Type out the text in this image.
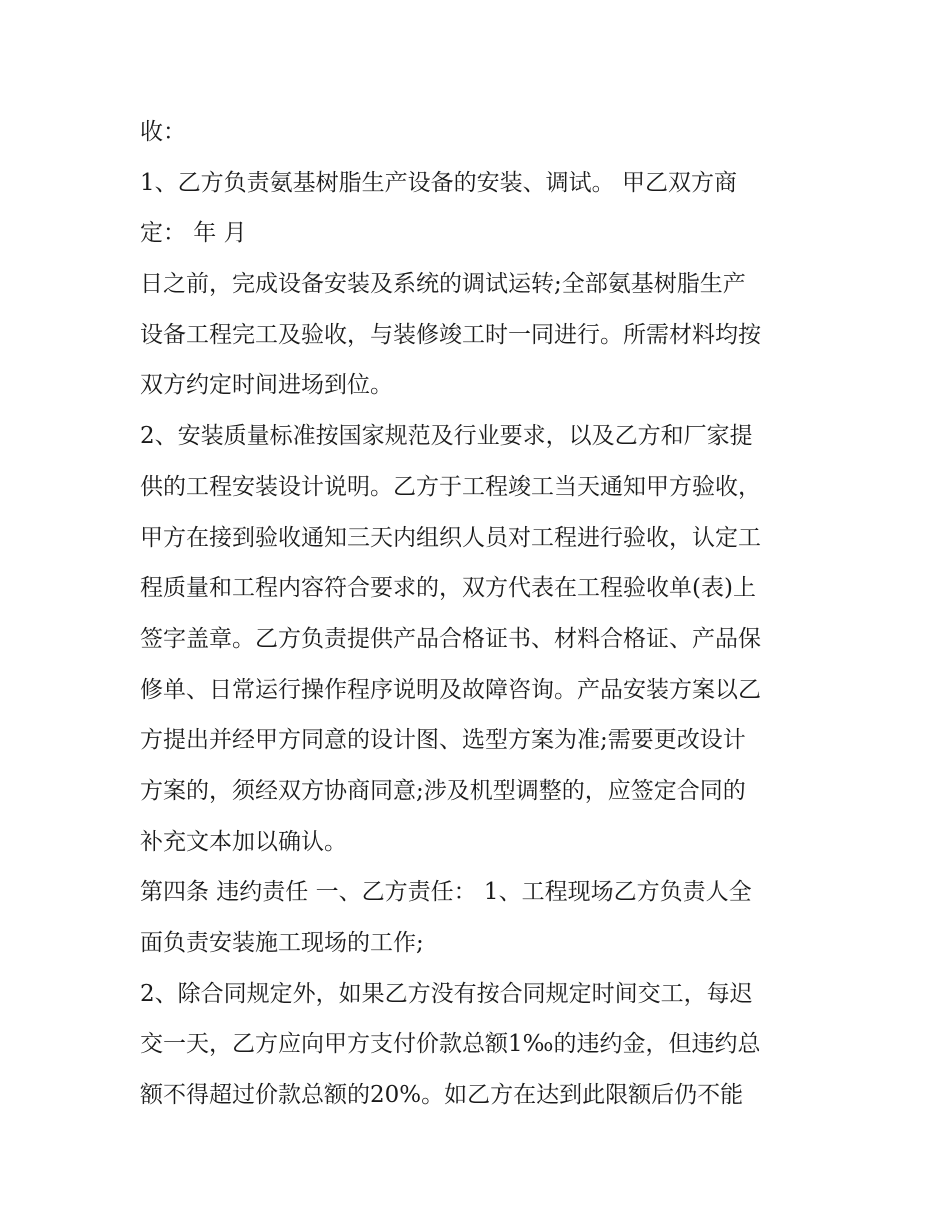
收：
1、乙方负责氨基树脂生产设备的安装、调试。 甲乙双方商
定： 年 月
日之前，完成设备安装及系统的调试运转;全部氨基树脂生产
设备工程完工及验收，与装修竣工时一同进行。所需材料均按
双方约定时间进场到位。
2、安装质量标准按国家规范及行业要求，以及乙方和厂家提
供的工程安装设计说明。乙方于工程竣工当天通知甲方验收，
甲方在接到验收通知三天内组织人员对工程进行验收，认定工
程质量和工程内容符合要求的，双方代表在工程验收单(表)上
签字盖章。乙方负责提供产品合格证书、材料合格证、产品保
修单、日常运行操作程序说明及故障咨询。产品安装方案以乙
方提出并经甲方同意的设计图、选型方案为准;需要更改设计
方案的，须经双方协商同意;涉及机型调整的，应签定合同的
补充文本加以确认。
第四条 违约责任 一、乙方责任： 1、工程现场乙方负责人全
面负责安装施工现场的工作;
2、除合同规定外，如果乙方没有按合同规定时间交工，每迟
交一天，乙方应向甲方支付价款总额1‰的违约金，但违约总
额不得超过价款总额的20%。如乙方在达到此限额后仍不能
